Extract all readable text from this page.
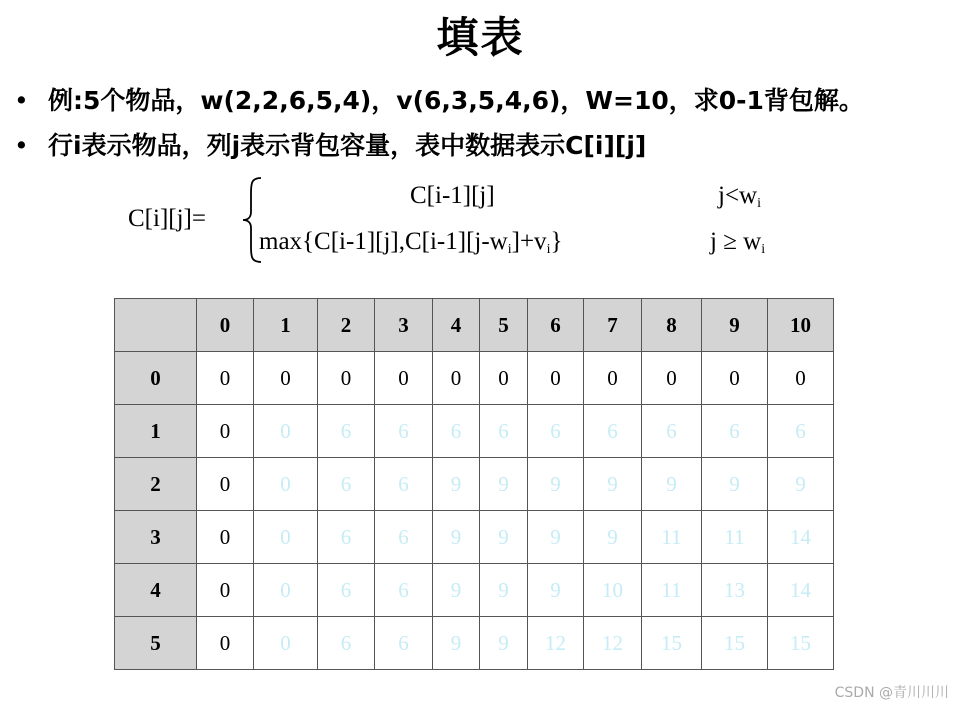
填表
• 例:5个物品，w(2,2,6,5,4)，v(6,3,5,4,6)，W=10，求0-1背包解。
• 行i表示物品，列j表示背包容量，表中数据表示C[i][j]
C[i][j]=
C[i-1][j]	$j<w_i$
$\max\{C[i-1][j],C[i-1][j-w_i]+v_i\}$	$j \ge w_i$
	0	1	2	3	4	5	6	7	8	9	10
0	0	0	0	0	0	0	0	0	0	0	0
1	0	0	6	6	6	6	6	6	6	6	6
2	0	0	6	6	9	9	9	9	9	9	9
3	0	0	6	6	9	9	9	9	11	11	14
4	0	0	6	6	9	9	9	10	11	13	14
5	0	0	6	6	9	9	12	12	15	15	15
CSDN @青川川川
